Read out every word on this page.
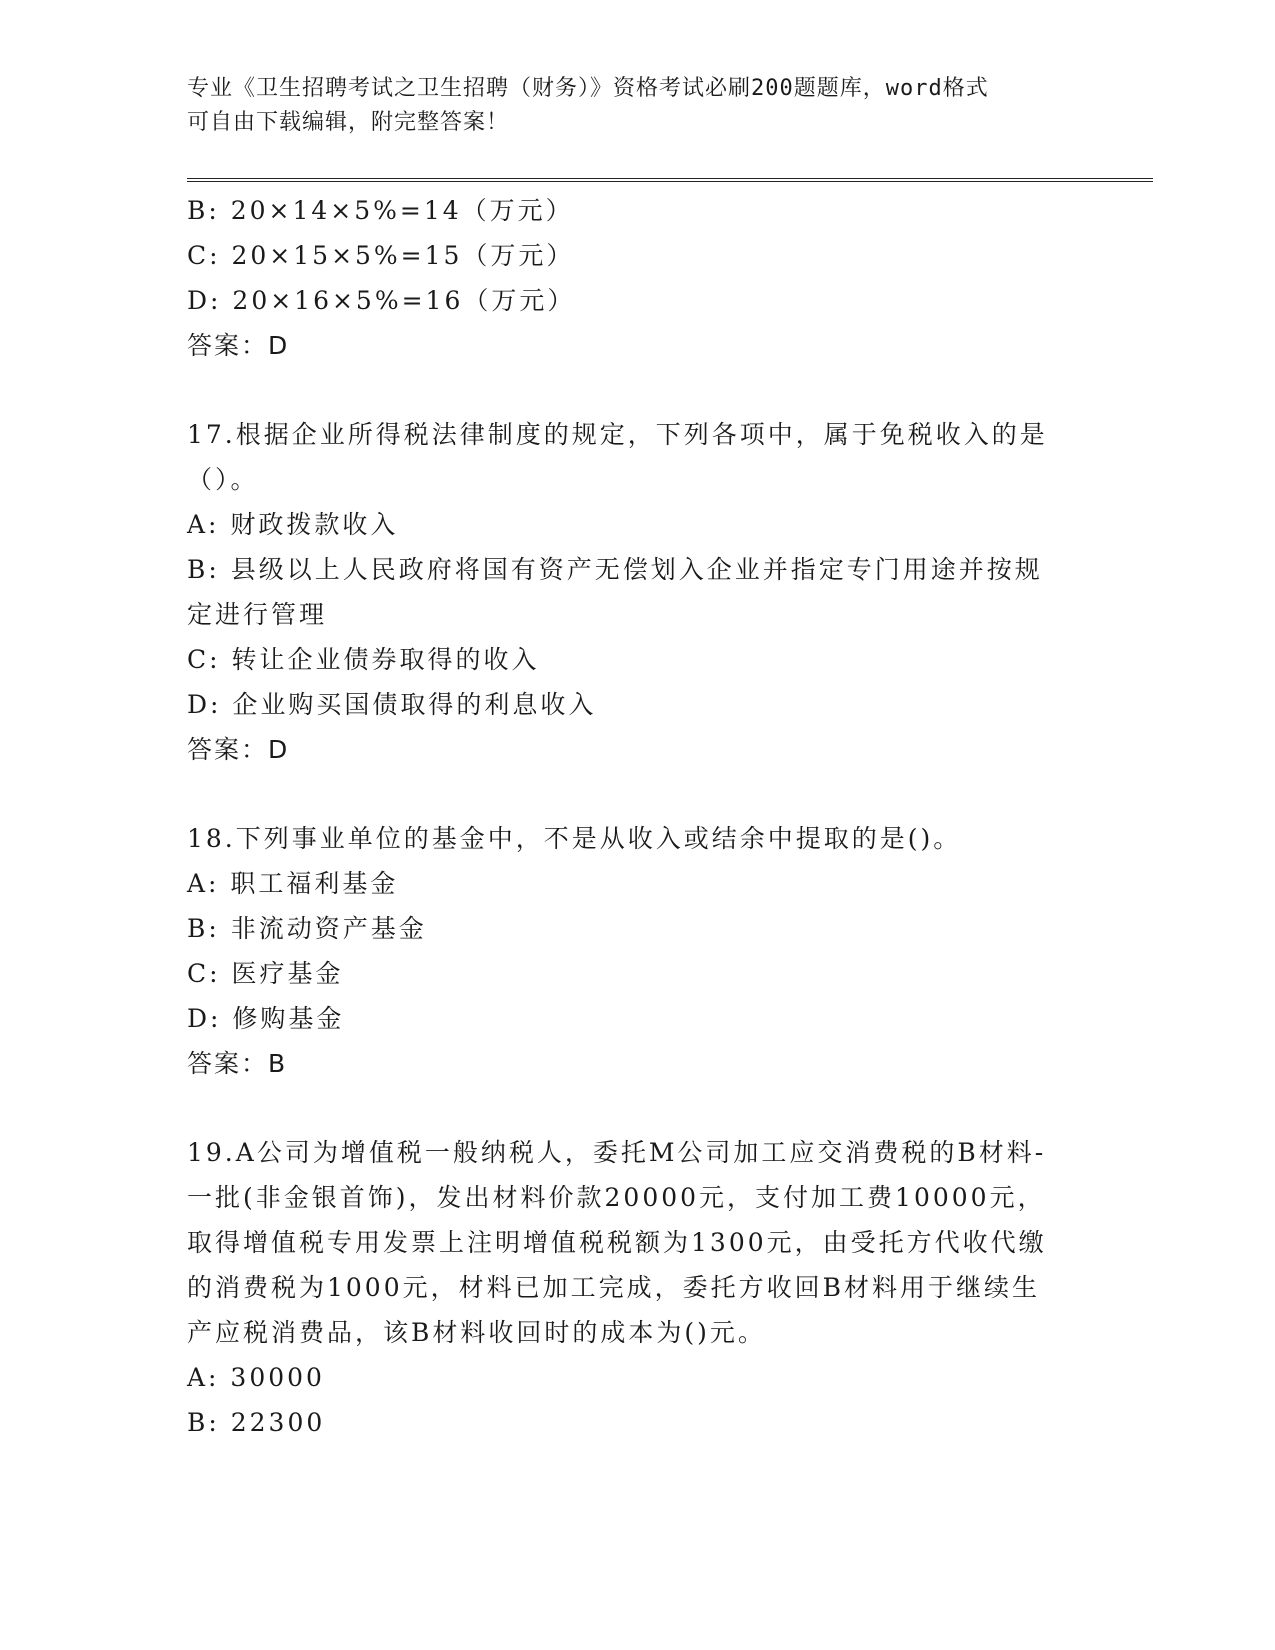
专业《卫生招聘考试之卫生招聘（财务）》资格考试必刷200题题库，word格式
可自由下载编辑，附完整答案！
B: 20×14×5%=14（万元）
C: 20×15×5%=15（万元）
D: 20×16×5%=16（万元）
答案：D
17.根据企业所得税法律制度的规定，下列各项中，属于免税收入的是
（）。
A: 财政拨款收入
B: 县级以上人民政府将国有资产无偿划入企业并指定专门用途并按规
定进行管理
C: 转让企业债券取得的收入
D: 企业购买国债取得的利息收入
答案：D
18.下列事业单位的基金中，不是从收入或结余中提取的是()。
A: 职工福利基金
B: 非流动资产基金
C: 医疗基金
D: 修购基金
答案：B
19.A公司为增值税一般纳税人，委托M公司加工应交消费税的B材料-
一批(非金银首饰)，发出材料价款20000元，支付加工费10000元，
取得增值税专用发票上注明增值税税额为1300元，由受托方代收代缴
的消费税为1000元，材料已加工完成，委托方收回B材料用于继续生
产应税消费品，该B材料收回时的成本为()元。
A: 30000
B: 22300
